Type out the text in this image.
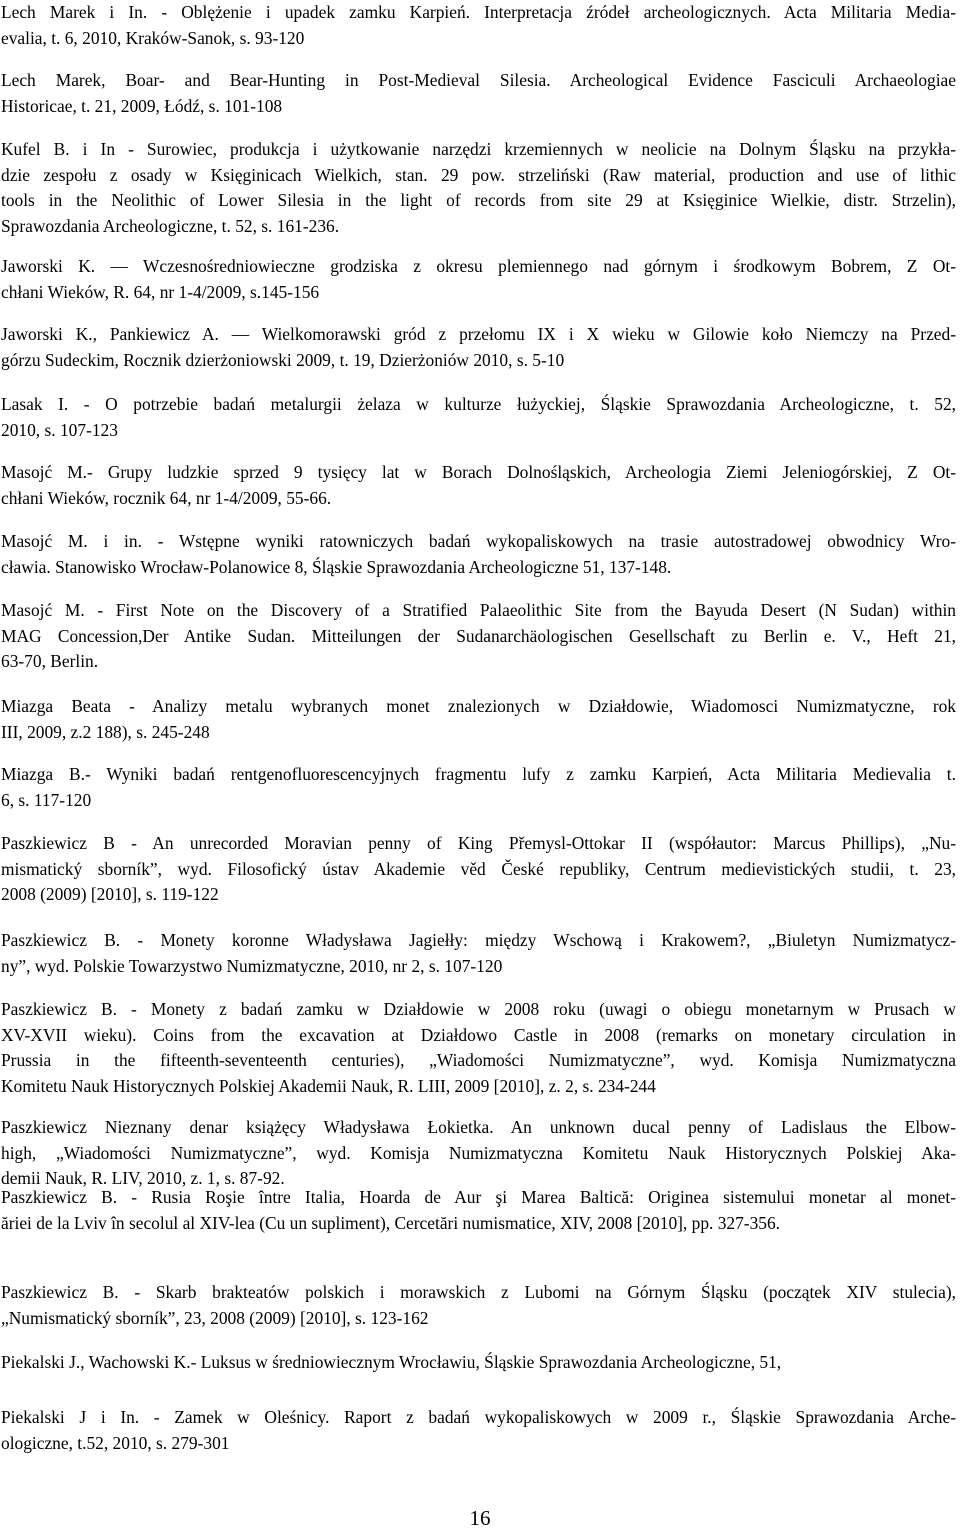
Lech Marek i In. - Oblężenie i upadek zamku Karpień. Interpretacja źródeł archeologicznych. Acta Militaria Media-
evalia, t. 6, 2010, Kraków-Sanok, s. 93-120
Lech Marek, Boar- and Bear-Hunting in Post-Medieval Silesia. Archeological Evidence Fasciculi Archaeologiae
Historicae, t. 21, 2009, Łódź, s. 101-108
Kufel B. i In - Surowiec, produkcja i użytkowanie narzędzi krzemiennych w neolicie na Dolnym Śląsku na przykła-
dzie zespołu z osady w Księginicach Wielkich, stan. 29 pow. strzeliński (Raw material, production and use of lithic
tools in the Neolithic of Lower Silesia in the light of records from site 29 at Księginice Wielkie, distr. Strzelin),
Sprawozdania Archeologiczne, t. 52, s. 161-236.
Jaworski K. — Wczesnośredniowieczne grodziska z okresu plemiennego nad górnym i środkowym Bobrem, Z Ot-
chłani Wieków, R. 64, nr 1-4/2009, s.145-156
Jaworski K., Pankiewicz A. — Wielkomorawski gród z przełomu IX i X wieku w Gilowie koło Niemczy na Przed-
górzu Sudeckim, Rocznik dzierżoniowski 2009, t. 19, Dzierżoniów 2010, s. 5-10
Lasak I. - O potrzebie badań metalurgii żelaza w kulturze łużyckiej, Śląskie Sprawozdania Archeologiczne, t. 52,
2010, s. 107-123
Masojć M.- Grupy ludzkie sprzed 9 tysięcy lat w Borach Dolnośląskich, Archeologia Ziemi Jeleniogórskiej, Z Ot-
chłani Wieków, rocznik 64, nr 1-4/2009, 55-66.
Masojć M. i in. - Wstępne wyniki ratowniczych badań wykopaliskowych na trasie autostradowej obwodnicy Wro-
cławia. Stanowisko Wrocław-Polanowice 8, Śląskie Sprawozdania Archeologiczne 51, 137-148.
Masojć M. - First Note on the Discovery of a Stratified Palaeolithic Site from the Bayuda Desert (N Sudan) within
MAG Concession,Der Antike Sudan. Mitteilungen der Sudanarchäologischen Gesellschaft zu Berlin e. V., Heft 21,
63-70, Berlin.
Miazga Beata - Analizy metalu wybranych monet znalezionych w Działdowie, Wiadomosci Numizmatyczne, rok
III, 2009, z.2 188), s. 245-248
Miazga B.- Wyniki badań rentgenofluorescencyjnych fragmentu lufy z zamku Karpień, Acta Militaria Medievalia t.
6, s. 117-120
Paszkiewicz B - An unrecorded Moravian penny of King Přemysl-Ottokar II (współautor: Marcus Phillips), „Nu-
mismatický sborník”, wyd. Filosofický ústav Akademie věd České republiky, Centrum medievistických studii, t. 23,
2008 (2009) [2010], s. 119-122
Paszkiewicz B. - Monety koronne Władysława Jagiełły: między Wschową i Krakowem?, „Biuletyn Numizmatycz-
ny”, wyd. Polskie Towarzystwo Numizmatyczne, 2010, nr 2, s. 107-120
Paszkiewicz B. - Monety z badań zamku w Działdowie w 2008 roku (uwagi o obiegu monetarnym w Prusach w
XV-XVII wieku). Coins from the excavation at Działdowo Castle in 2008 (remarks on monetary circulation in
Prussia in the fifteenth-seventeenth centuries), „Wiadomości Numizmatyczne”, wyd. Komisja Numizmatyczna
Komitetu Nauk Historycznych Polskiej Akademii Nauk, R. LIII, 2009 [2010], z. 2, s. 234-244
Paszkiewicz Nieznany denar książęcy Władysława Łokietka. An unknown ducal penny of Ladislaus the Elbow-
high, „Wiadomości Numizmatyczne”, wyd. Komisja Numizmatyczna Komitetu Nauk Historycznych Polskiej Aka-
demii Nauk, R. LIV, 2010, z. 1, s. 87-92.
Paszkiewicz B. - Rusia Roşie între Italia, Hoarda de Aur şi Marea Baltică: Originea sistemului monetar al monet-
ăriei de la Lviv în secolul al XIV-lea (Cu un supliment), Cercetări numismatice, XIV, 2008 [2010], pp. 327-356.
Paszkiewicz B. - Skarb brakteatów polskich i morawskich z Lubomi na Górnym Śląsku (początek XIV stulecia),
„Numismatický sborník”, 23, 2008 (2009) [2010], s. 123-162
Piekalski J., Wachowski K.- Luksus w średniowiecznym Wrocławiu, Śląskie Sprawozdania Archeologiczne, 51,
Piekalski J i In. - Zamek w Oleśnicy. Raport z badań wykopaliskowych w 2009 r., Śląskie Sprawozdania Arche-
ologiczne, t.52, 2010, s. 279-301
16
